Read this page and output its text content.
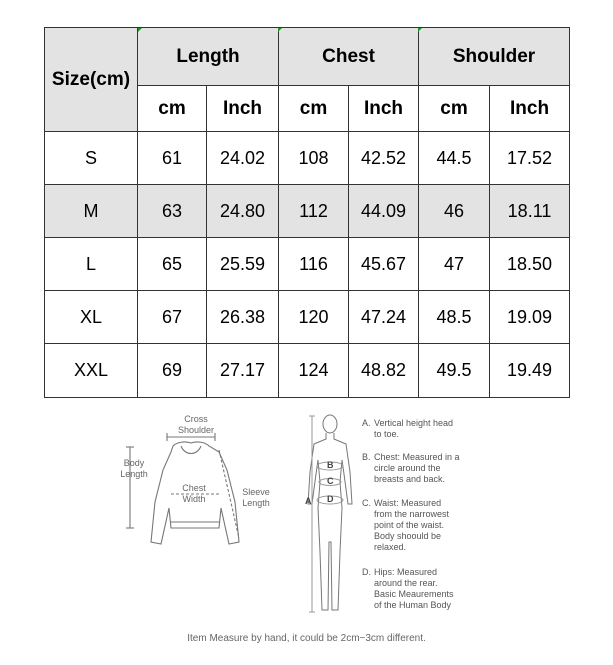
Size(cm)	Length		Chest		Shoulder	
	cm	Inch	cm	Inch	cm	Inch
S	61	24.02	108	42.52	44.5	17.52
M	63	24.80	112	44.09	46	18.11
L	65	25.59	116	45.67	47	18.50
XL	67	26.38	120	47.24	48.5	19.09
XXL	69	27.17	124	48.82	49.5	19.49
Cross
Shoulder
Body
Length
Chest
Width
Sleeve
Length	A
B
C
D
A. Vertical height head
to toe.
B. Chest: Measured in a
circle around the
breasts and back.
C. Waist: Measured
from the narrowest
point of the waist.
Body shoould be
relaxed.
D. Hips: Measured
around the rear.
Basic Meaurements
of the Human Body
Item Measure by hand, it could be 2cm~3cm different.
